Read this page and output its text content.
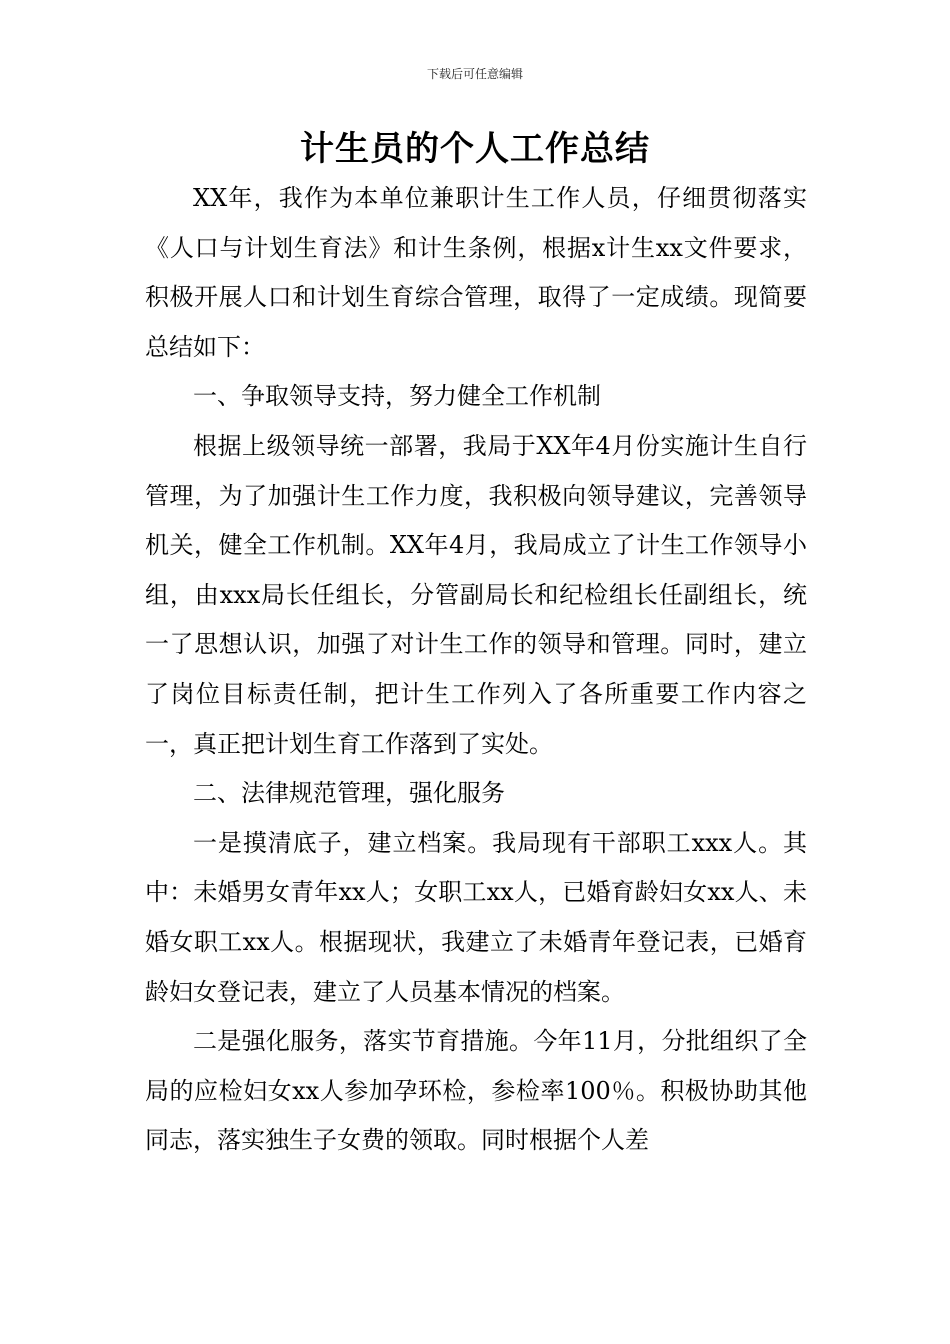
下载后可任意编辑
计生员的个人工作总结

XX年，我作为本单位兼职计生工作人员，仔细贯彻落实《人口与计划生育法》和计生条例，根据x计生xx文件要求，积极开展人口和计划生育综合管理，取得了一定成绩。现简要总结如下：

一、争取领导支持，努力健全工作机制

根据上级领导统一部署，我局于XX年4月份实施计生自行管理，为了加强计生工作力度，我积极向领导建议，完善领导机关，健全工作机制。XX年4月，我局成立了计生工作领导小组，由xxx局长任组长，分管副局长和纪检组长任副组长，统一了思想认识，加强了对计生工作的领导和管理。同时，建立了岗位目标责任制，把计生工作列入了各所重要工作内容之一，真正把计划生育工作落到了实处。

二、法律规范管理，强化服务

一是摸清底子，建立档案。我局现有干部职工xxx人。其中：未婚男女青年xx人；女职工xx人，已婚育龄妇女xx人、未婚女职工xx人。根据现状，我建立了未婚青年登记表，已婚育龄妇女登记表，建立了人员基本情况的档案。

二是强化服务，落实节育措施。今年11月，分批组织了全局的应检妇女xx人参加孕环检，参检率100％。积极协助其他同志，落实独生子女费的领取。同时根据个人差
